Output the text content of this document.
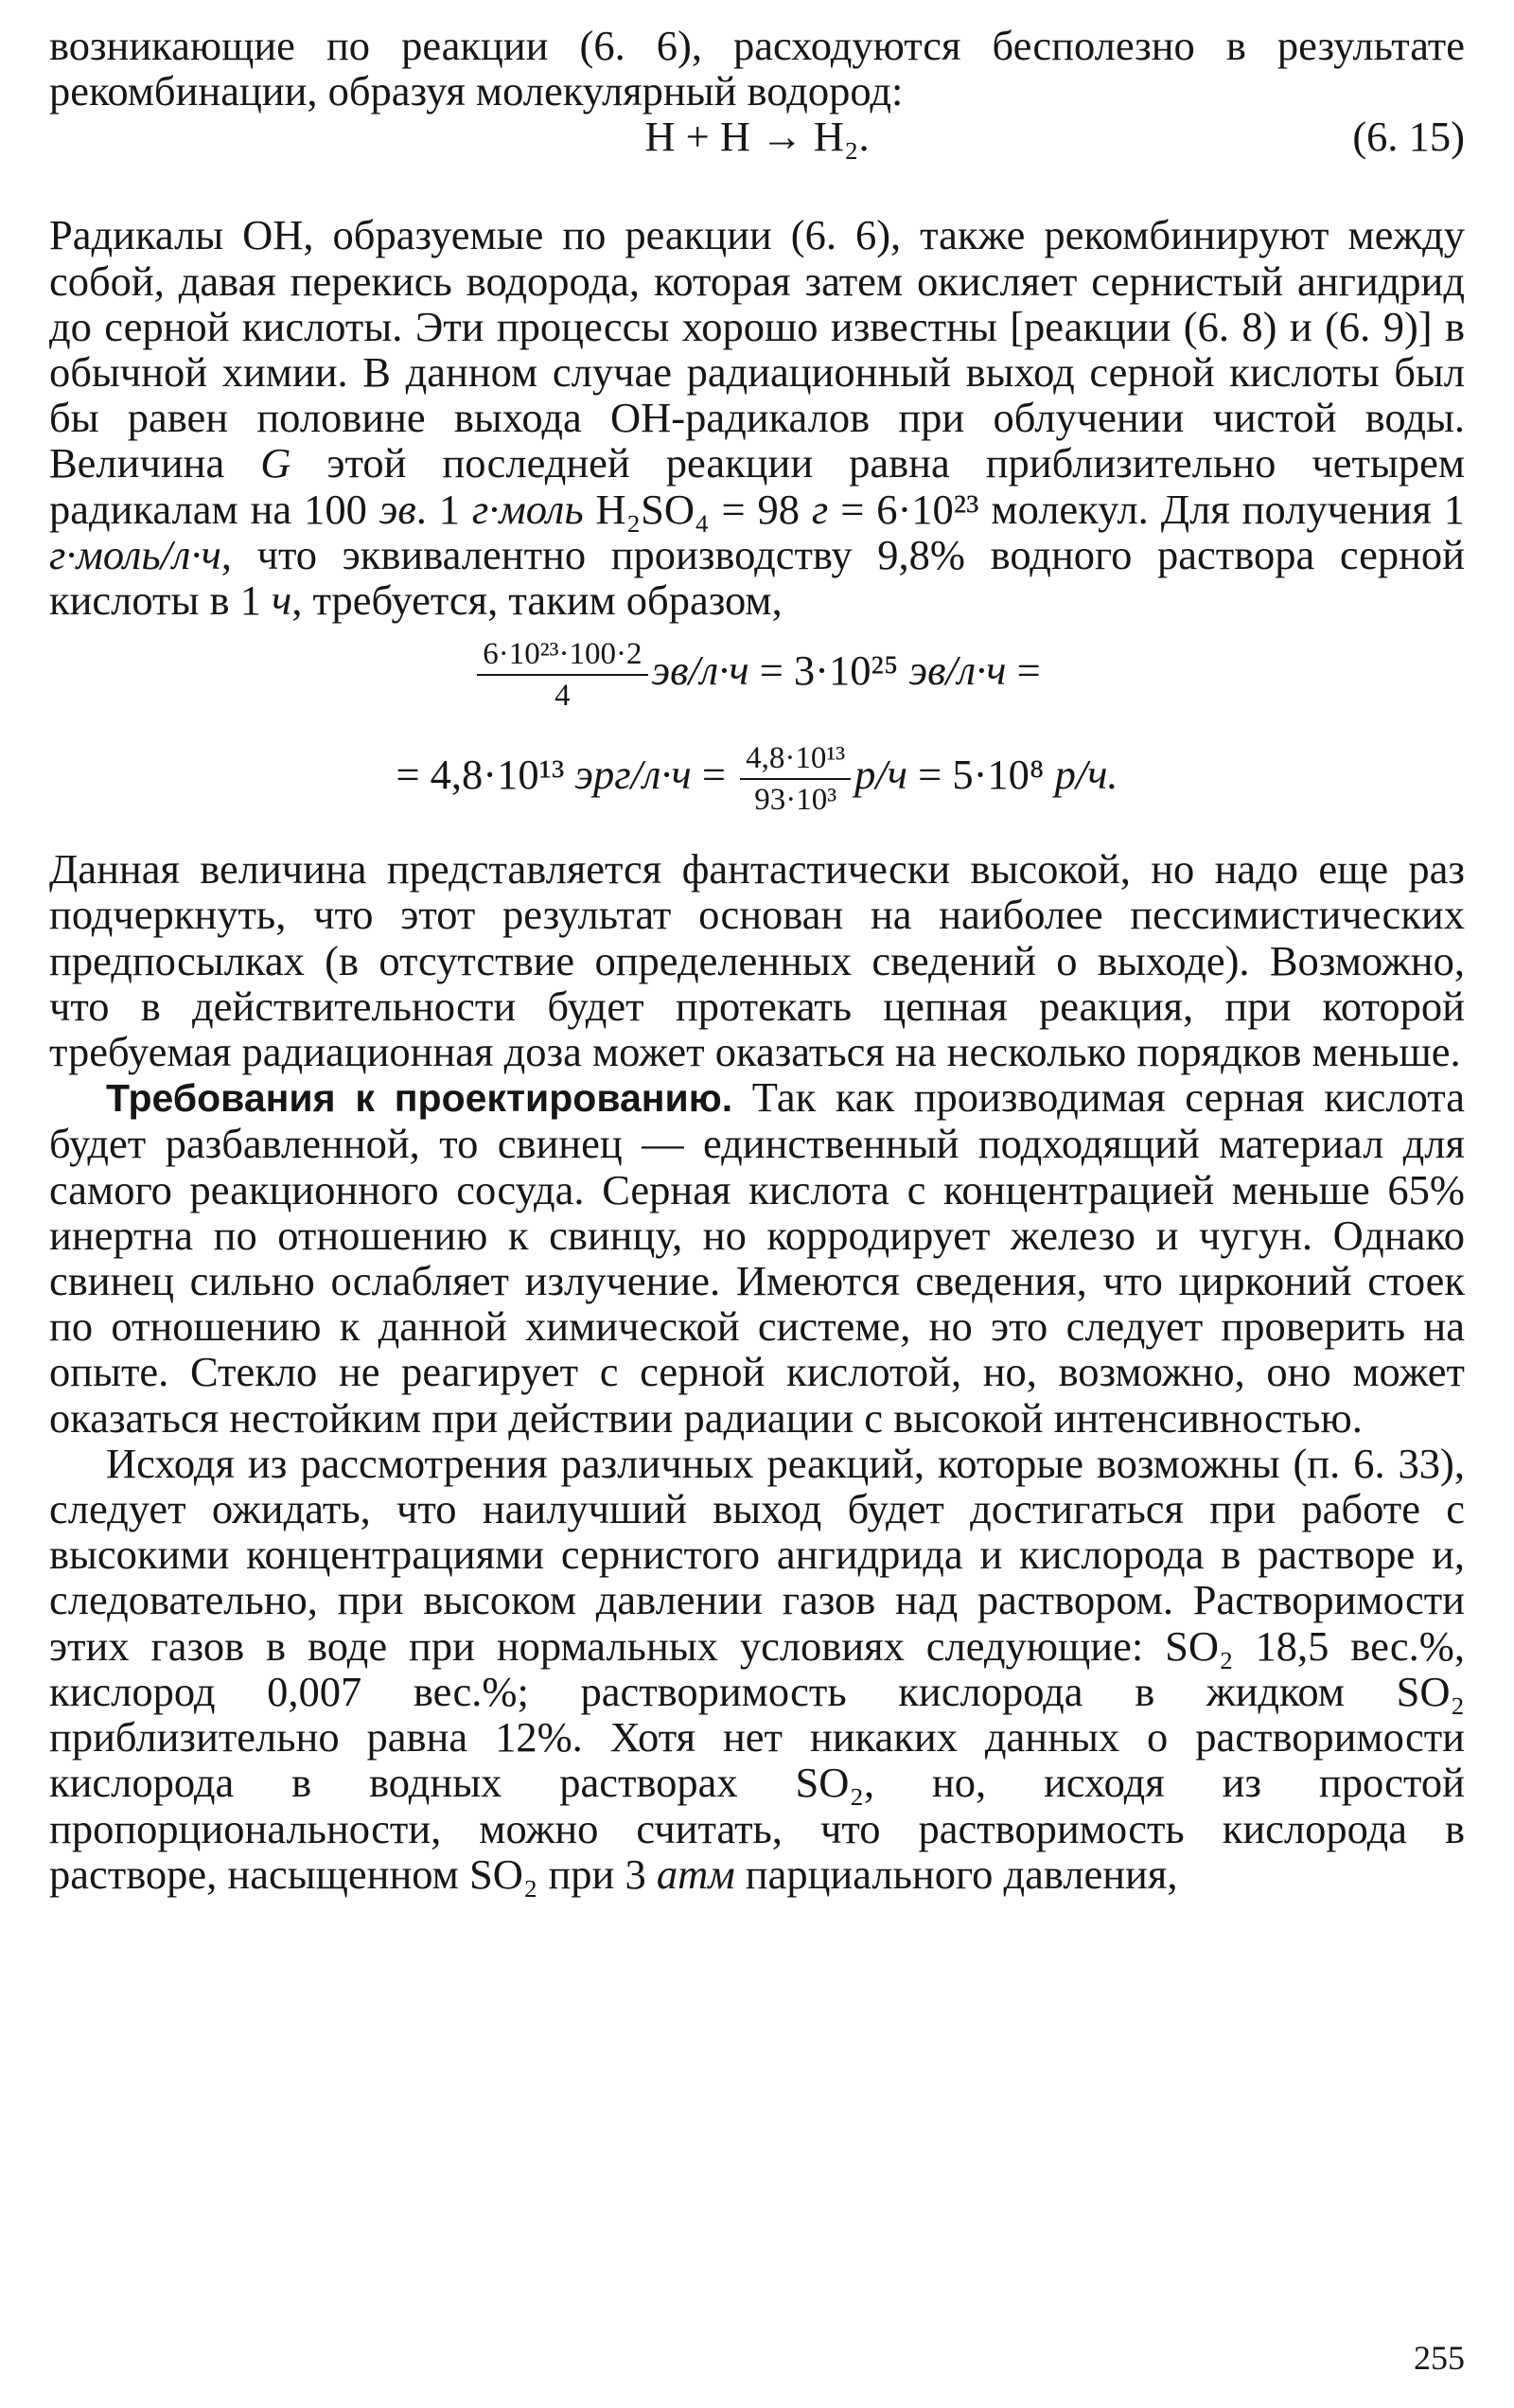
возникающие по реакции (6. 6), расходуются бесполезно в результате рекомбинации, образуя молекулярный водород:

H + H → H₂.	(6. 15)

Радикалы OH, образуемые по реакции (6. 6), также рекомбинируют между собой, давая перекись водорода, которая затем окисляет сернистый ангидрид до серной кислоты. Эти процессы хорошо известны [реакции (6. 8) и (6. 9)] в обычной химии. В данном случае радиационный выход серной кислоты был бы равен половине выхода OH-радикалов при облучении чистой воды. Величина G этой последней реакции равна приблизительно четырем радикалам на 100 эв. 1 г·моль H₂SO₄ = 98 г = 6·10²³ молекул. Для получения 1 г·моль/л·ч, что эквивалентно производству 9,8% водного раствора серной кислоты в 1 ч, требуется, таким образом,

$\frac{\text{6·10²³·100·2}}{4} эв/л\cdot ч = 3\cdot 10^{25}$ эв/л·ч =
= 4,8·10¹³ $эрг/л\cdot ч = \frac{\text{4,8·10¹³}}{\text{93·10³}} р/ч = 5\cdot 10^8$ р/ч.

Данная величина представляется фантастически высокой, но надо еще раз подчеркнуть, что этот результат основан на наиболее пессимистических предпосылках (в отсутствие определенных сведений о выходе). Возможно, что в действительности будет протекать цепная реакция, при которой требуемая радиационная доза может оказаться на несколько порядков меньше.

Требования к проектированию. Так как производимая серная кислота будет разбавленной, то свинец — единственный подходящий материал для самого реакционного сосуда. Серная кислота с концентрацией меньше 65% инертна по отношению к свинцу, но корродирует железо и чугун. Однако свинец сильно ослабляет излучение. Имеются сведения, что цирконий стоек по отношению к данной химической системе, но это следует проверить на опыте. Стекло не реагирует с серной кислотой, но, возможно, оно может оказаться нестойким при действии радиации с высокой интенсивностью.

Исходя из рассмотрения различных реакций, которые возможны (п. 6. 33), следует ожидать, что наилучший выход будет достигаться при работе с высокими концентрациями сернистого ангидрида и кислорода в растворе и, следовательно, при высоком давлении газов над раствором. Растворимости этих газов в воде при нормальных условиях следующие: SO₂ 18,5 вес.%, кислород 0,007 вес.%; растворимость кислорода в жидком SO₂ приблизительно равна 12%. Хотя нет никаких данных о растворимости кислорода в водных растворах SO₂, но, исходя из простой пропорциональности, можно считать, что растворимость кислорода в растворе, насыщенном SO₂ при 3 атм парциального давления,

255
